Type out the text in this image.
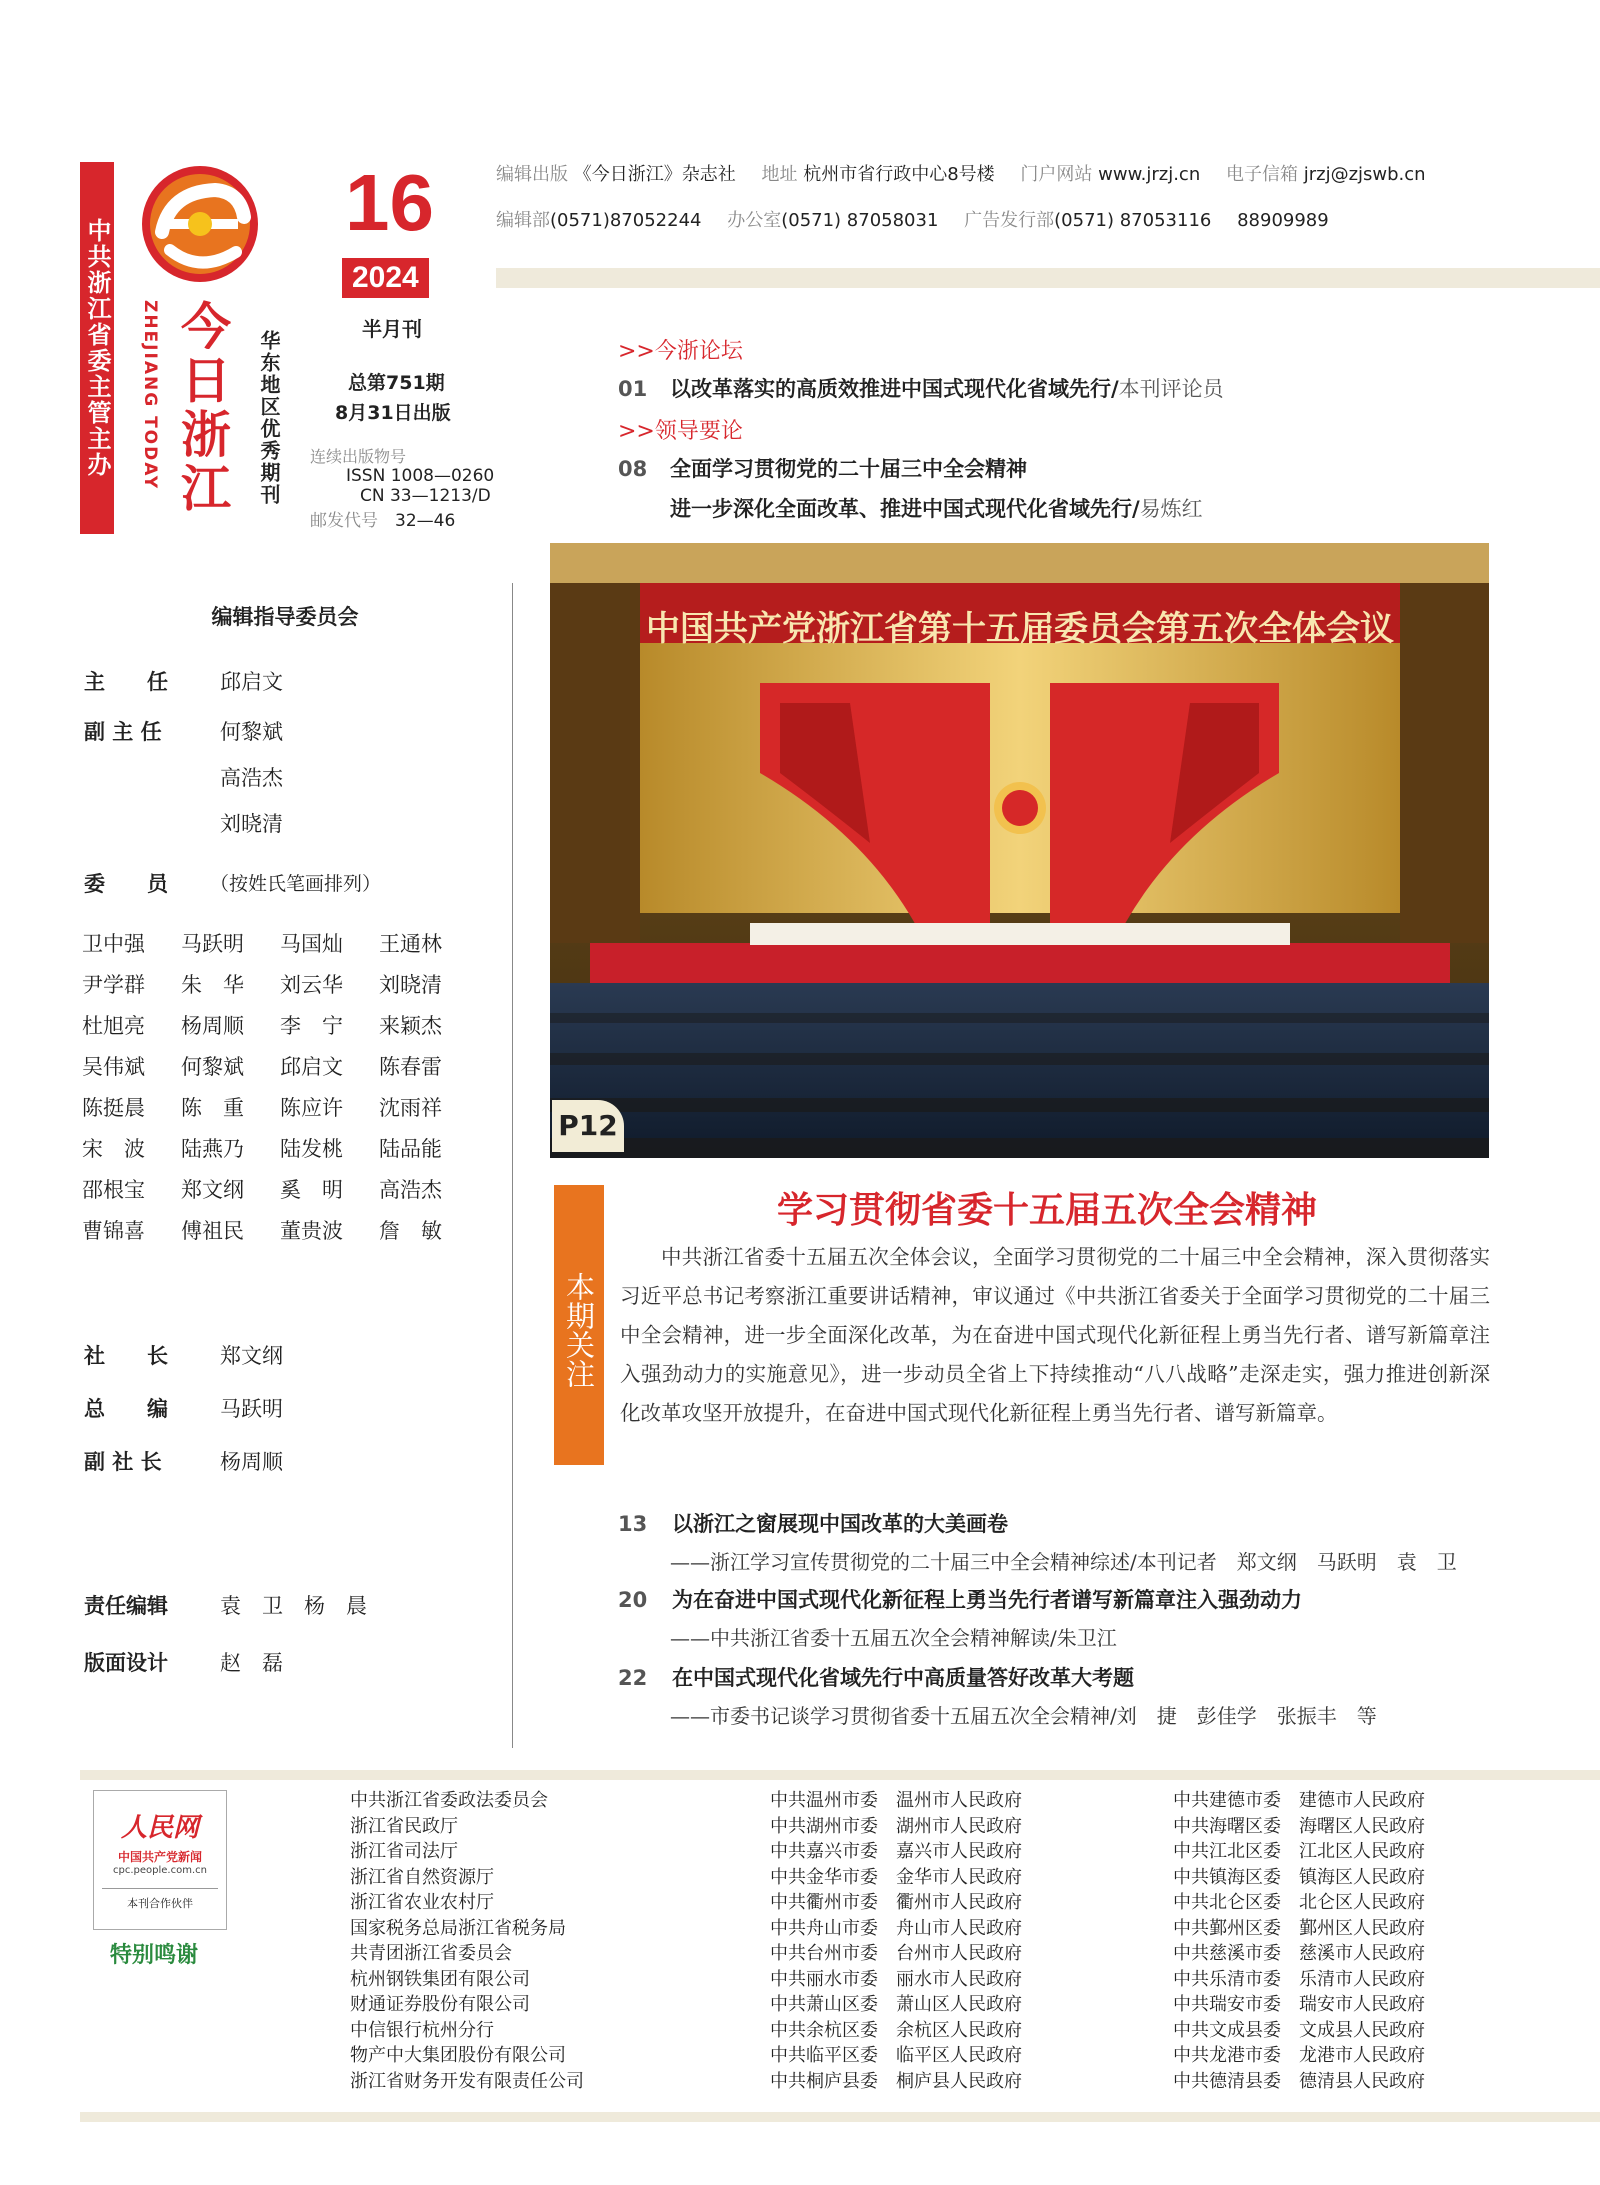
中共浙江省委主管主办 ZHEJIANG TODAY 今日浙江 华东地区优秀期刊
16
2024
半月刊
总第751期
8月31日出版
连续出版物号
ISSN 1008—0260
CN 33—1213/D
邮发代号　 32—46
编辑出版 《今日浙江》杂志社 地址 杭州市省行政中心8号楼 门户网站 www.jrzj.cn 电子信箱 jrzj@zjswb.cn
编辑部(0571)87052244 办公室(0571) 87058031 广告发行部(0571) 87053116 88909989
>>今浙论坛
01 以改革落实的高质效推进中国式现代化省域先行/本刊评论员
>>领导要论
08 全面学习贯彻党的二十届三中全会精神
进一步深化全面改革、推进中国式现代化省域先行/易炼红
中国共产党浙江省第十五届委员会第五次全体会议
P12
本期关注
学习贯彻省委十五届五次全会精神
中共浙江省委十五届五次全体会议，全面学习贯彻党的二十届三中全会精神，深入贯彻落实习近平总书记考察浙江重要讲话精神，审议通过《中共浙江省委关于全面学习贯彻党的二十届三中全会精神，进一步全面深化改革，为在奋进中国式现代化新征程上勇当先行者、谱写新篇章注入强劲动力的实施意见》，进一步动员全省上下持续推动“八八战略”走深走实，强力推进创新深化改革攻坚开放提升，在奋进中国式现代化新征程上勇当先行者、谱写新篇章。
13 以浙江之窗展现中国改革的大美画卷
——浙江学习宣传贯彻党的二十届三中全会精神综述/本刊记者　郑文纲　马跃明　袁　卫
20 为在奋进中国式现代化新征程上勇当先行者谱写新篇章注入强劲动力
——中共浙江省委十五届五次全会精神解读/朱卫江
22 在中国式现代化省域先行中高质量答好改革大考题
——市委书记谈学习贯彻省委十五届五次全会精神/刘　捷　彭佳学　张振丰　等
编辑指导委员会
主　　任 邱启文
副 主 任	何黎斌
高浩杰
刘晓清
委　　员 （按姓氏笔画排列）
卫中强	马跃明	马国灿	王通林
尹学群	朱　华	刘云华	刘晓清
杜旭亮	杨周顺	李　宁	来颖杰
吴伟斌	何黎斌	邱启文	陈春雷
陈挺晨	陈　重	陈应许	沈雨祥
宋　波	陆燕乃	陆发桃	陆品能
邵根宝	郑文纲	奚　明	高浩杰
曹锦喜	傅祖民	董贵波	詹　敏
社　　长 郑文纲
总　　编 马跃明
副 社 长	杨周顺
责任编辑 袁　卫　杨　晨
版面设计 赵　磊
人民网
中国共产党新闻
cpc.people.com.cn
本刊合作伙伴
特别鸣谢
中共浙江省委政法委员会
浙江省民政厅
浙江省司法厅
浙江省自然资源厅
浙江省农业农村厅
国家税务总局浙江省税务局
共青团浙江省委员会
杭州钢铁集团有限公司
财通证券股份有限公司
中信银行杭州分行
物产中大集团股份有限公司
浙江省财务开发有限责任公司
中共温州市委　温州市人民政府
中共湖州市委　湖州市人民政府
中共嘉兴市委　嘉兴市人民政府
中共金华市委　金华市人民政府
中共衢州市委　衢州市人民政府
中共舟山市委　舟山市人民政府
中共台州市委　台州市人民政府
中共丽水市委　丽水市人民政府
中共萧山区委　萧山区人民政府
中共余杭区委　余杭区人民政府
中共临平区委　临平区人民政府
中共桐庐县委　桐庐县人民政府
中共建德市委　建德市人民政府
中共海曙区委　海曙区人民政府
中共江北区委　江北区人民政府
中共镇海区委　镇海区人民政府
中共北仑区委　北仑区人民政府
中共鄞州区委　鄞州区人民政府
中共慈溪市委　慈溪市人民政府
中共乐清市委　乐清市人民政府
中共瑞安市委　瑞安市人民政府
中共文成县委　文成县人民政府
中共龙港市委　龙港市人民政府
中共德清县委　德清县人民政府
